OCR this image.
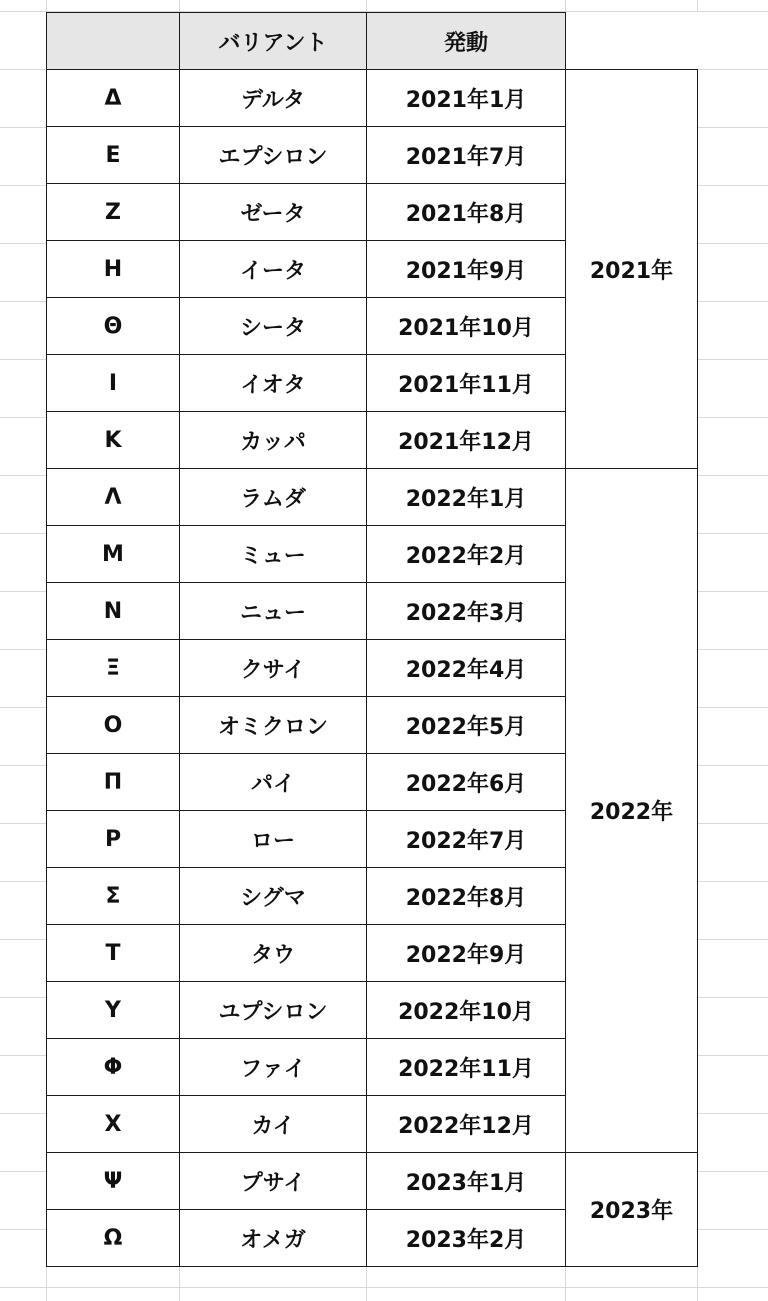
	バリアント	発動	
Δ	デルタ	2021年1月	2021年
E	エプシロン	2021年7月	
Z	ゼータ	2021年8月	
H	イータ	2021年9月	
Θ	シータ	2021年10月	
I	イオタ	2021年11月	
K	カッパ	2021年12月	
Λ	ラムダ	2022年1月	2022年
M	ミュー	2022年2月	
N	ニュー	2022年3月	
Ξ	クサイ	2022年4月	
O	オミクロン	2022年5月	
Π	パイ	2022年6月	
P	ロー	2022年7月	
Σ	シグマ	2022年8月	
T	タウ	2022年9月	
Y	ユプシロン	2022年10月	
Φ	ファイ	2022年11月	
X	カイ	2022年12月	
Ψ	プサイ	2023年1月	2023年
Ω	オメガ	2023年2月	
